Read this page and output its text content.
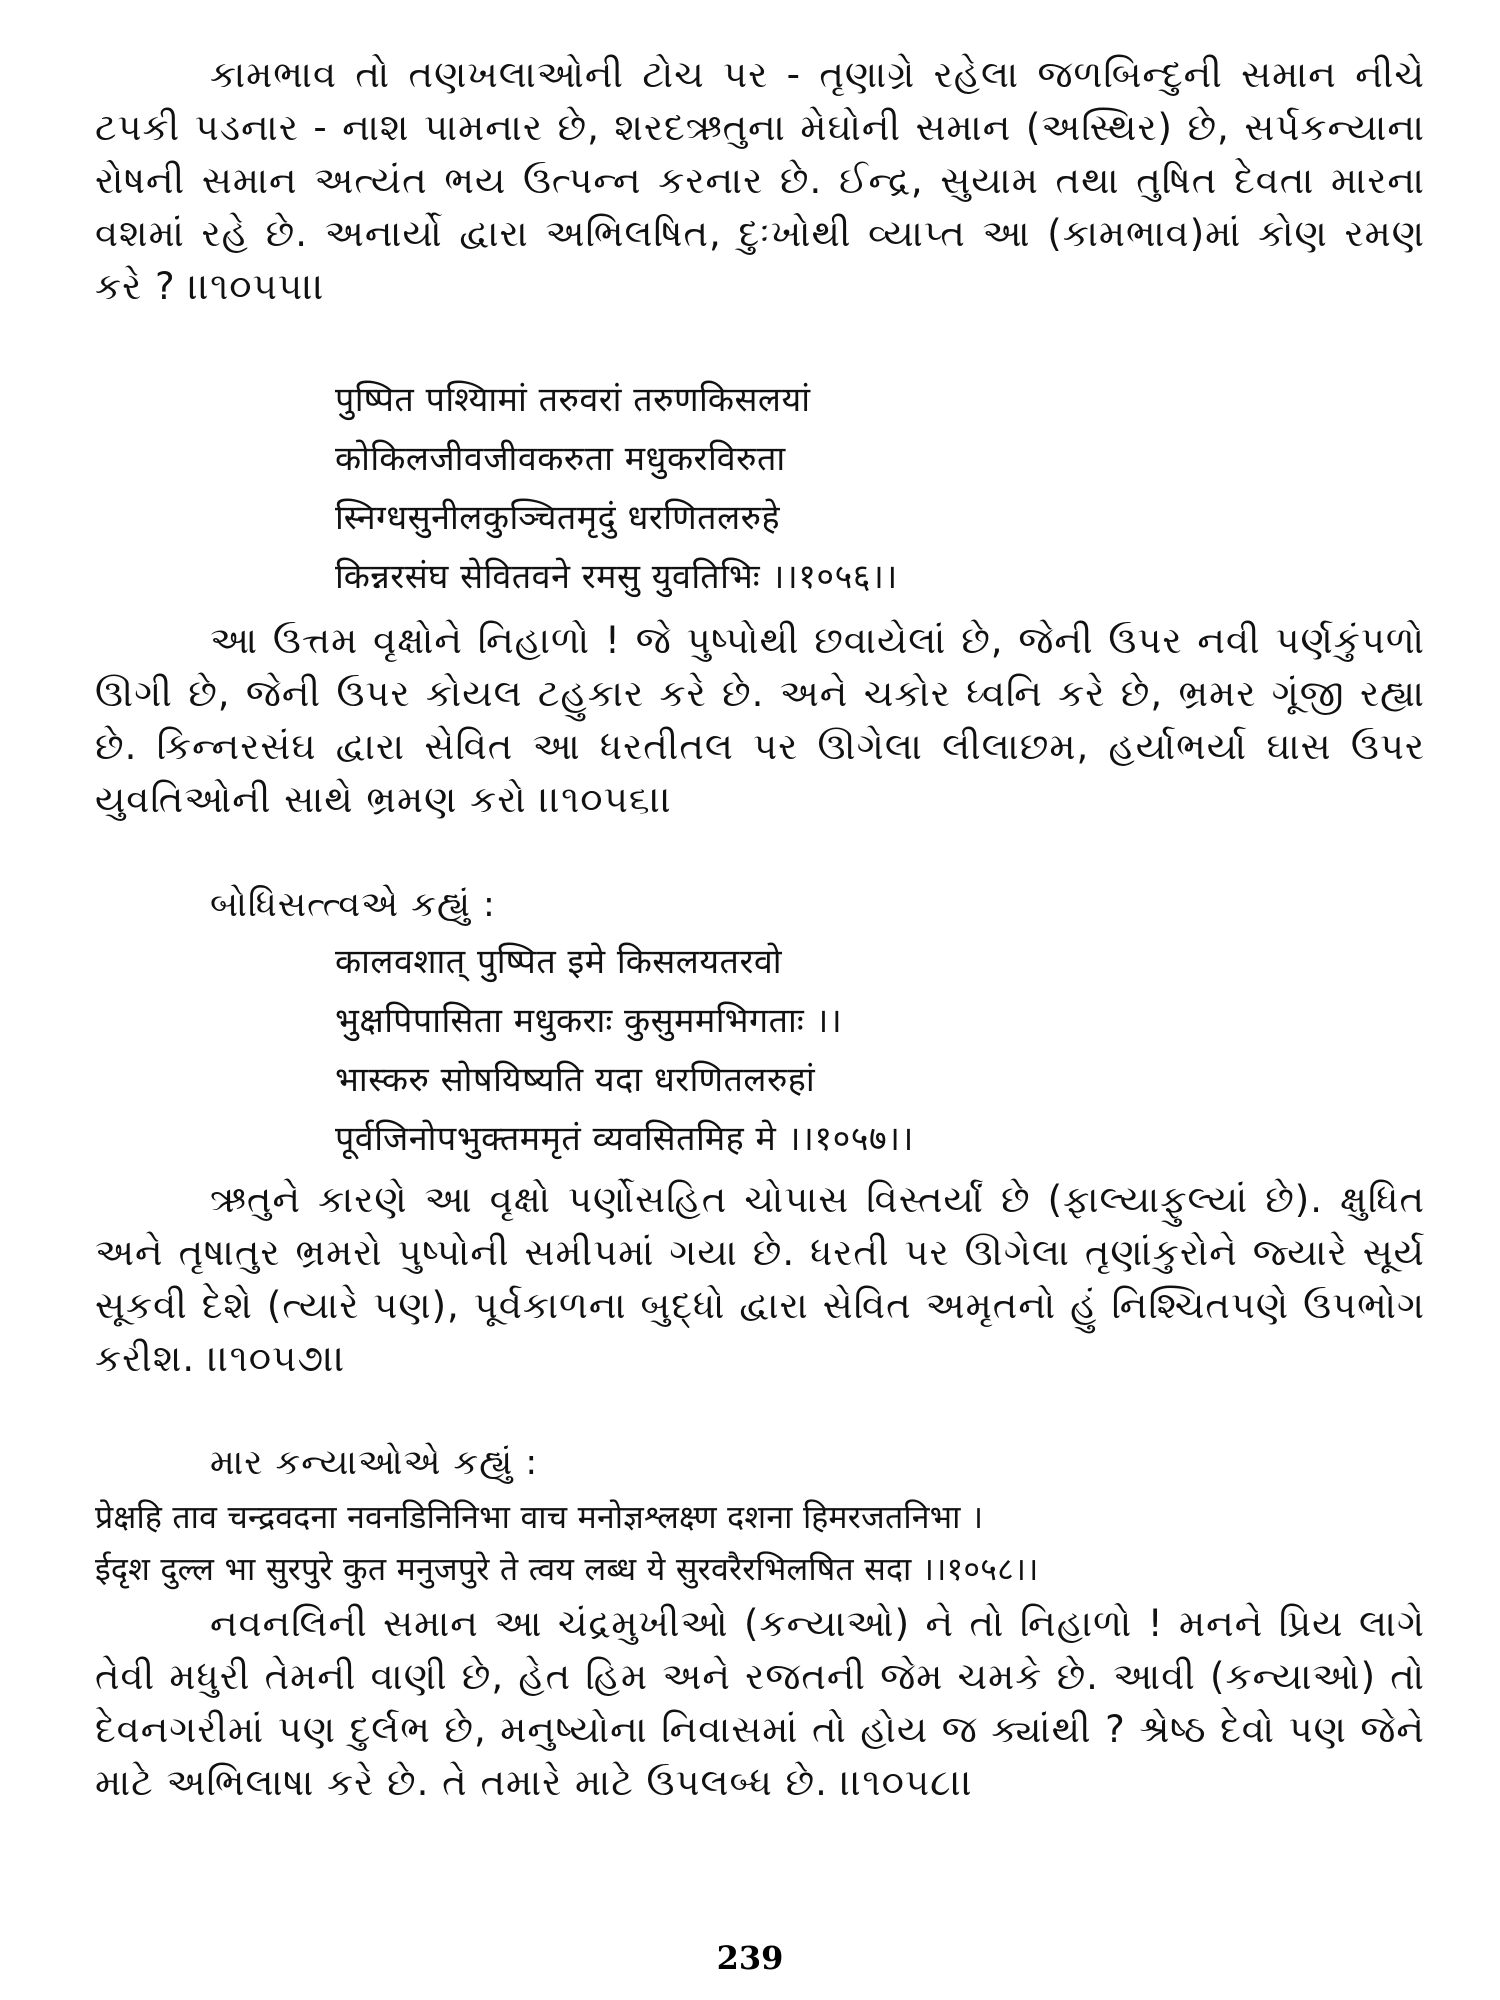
કામભાવ તો તણખલાઓની ટોચ પર - તૃણાગ્રે રહેલા જળબિન્દુની સમાન નીચે ટપકી પડનાર - નાશ પામનાર છે, શરદઋતુના મેઘોની સમાન (અસ્થિર) છે, સર્પકન્યાના રોષની સમાન અત્યંત ભય ઉત્પન્ન કરનાર છે. ઈન્દ્ર, સુયામ તથા તુષિત દેવતા મારના વશમાં રહે છે. અનાર્યો દ્વારા અભિલષિત, દુઃખોથી વ્યાપ્ત આ (કામભાવ)માં કોણ રમણ કરે ? ।।૧૦૫૫।।

पुष्पित पश्यिामां तरुवरां तरुणकिसलयां
कोकिलजीवजीवकरुता मधुकरविरुता
स्निग्धसुनीलकुञ्चितमृदुं धरणितलरुहे
किन्नरसंघ सेवितवने रमसु युवतिभिः ।।१०५६।।

આ ઉત્તમ વૃક્ષોને નિહાળો ! જે પુષ્પોથી છવાયેલાં છે, જેની ઉપર નવી પર્ણકુંપળો ઊગી છે, જેની ઉપર કોયલ ટહુકાર કરે છે. અને ચકોર ધ્વનિ કરે છે, ભ્રમર ગૂંજી રહ્યા છે. કિન્નરસંઘ દ્વારા સેવિત આ ધરતીતલ પર ઊગેલા લીલાછમ, હર્યાભર્યા ઘાસ ઉપર યુવતિઓની સાથે ભ્રમણ કરો ।।૧૦૫૬।।

બોધિસત્ત્વએ કહ્યું :
कालवशात् पुष्पित इमे किसलयतरवो
भुक्षपिपासिता मधुकराः कुसुममभिगताः ।।
भास्करु सोषयिष्यति यदा धरणितलरुहां
पूर्वजिनोपभुक्तममृतं व्यवसितमिह मे ।।१०५७।।

ઋતુને કારણે આ વૃક્ષો પર્ણોસહિત ચોપાસ વિસ્તર્યાં છે (ફાલ્યાફુલ્યાં છે). ક્ષુધિત અને તૃષાતુર ભ્રમરો પુષ્પોની સમીપમાં ગયા છે. ધરતી પર ઊગેલા તૃણાંકુરોને જ્યારે સૂર્ય સૂકવી દેશે (ત્યારે પણ), પૂર્વકાળના બુદ્ધો દ્વારા સેવિત અમૃતનો હું નિશ્ચિતપણે ઉપભોગ કરીશ. ।।૧૦૫૭।।

માર કન્યાઓએ કહ્યું :
प्रेक्षहि ताव चन्द्रवदना नवनडिनिनिभा वाच मनोज्ञश्लक्ष्ण दशना हिमरजतनिभा ।
ईदृश दुल्ल भा सुरपुरे कुत मनुजपुरे ते त्वय लब्ध ये सुरवरैरभिलषित सदा ।।१०५८।।

નવનલિની સમાન આ ચંદ્રમુખીઓ (કન્યાઓ) ને તો નિહાળો ! મનને પ્રિય લાગે તેવી મધુરી તેમની વાણી છે, હેત હિમ અને રજતની જેમ ચમકે છે. આવી (કન્યાઓ) તો દેવનગરીમાં પણ દુર્લભ છે, મનુષ્યોના નિવાસમાં તો હોય જ ક્યાંથી ? શ્રેષ્ઠ દેવો પણ જેને માટે અભિલાષા કરે છે. તે તમારે માટે ઉપલબ્ધ છે. ।।૧૦૫૮।।

239
